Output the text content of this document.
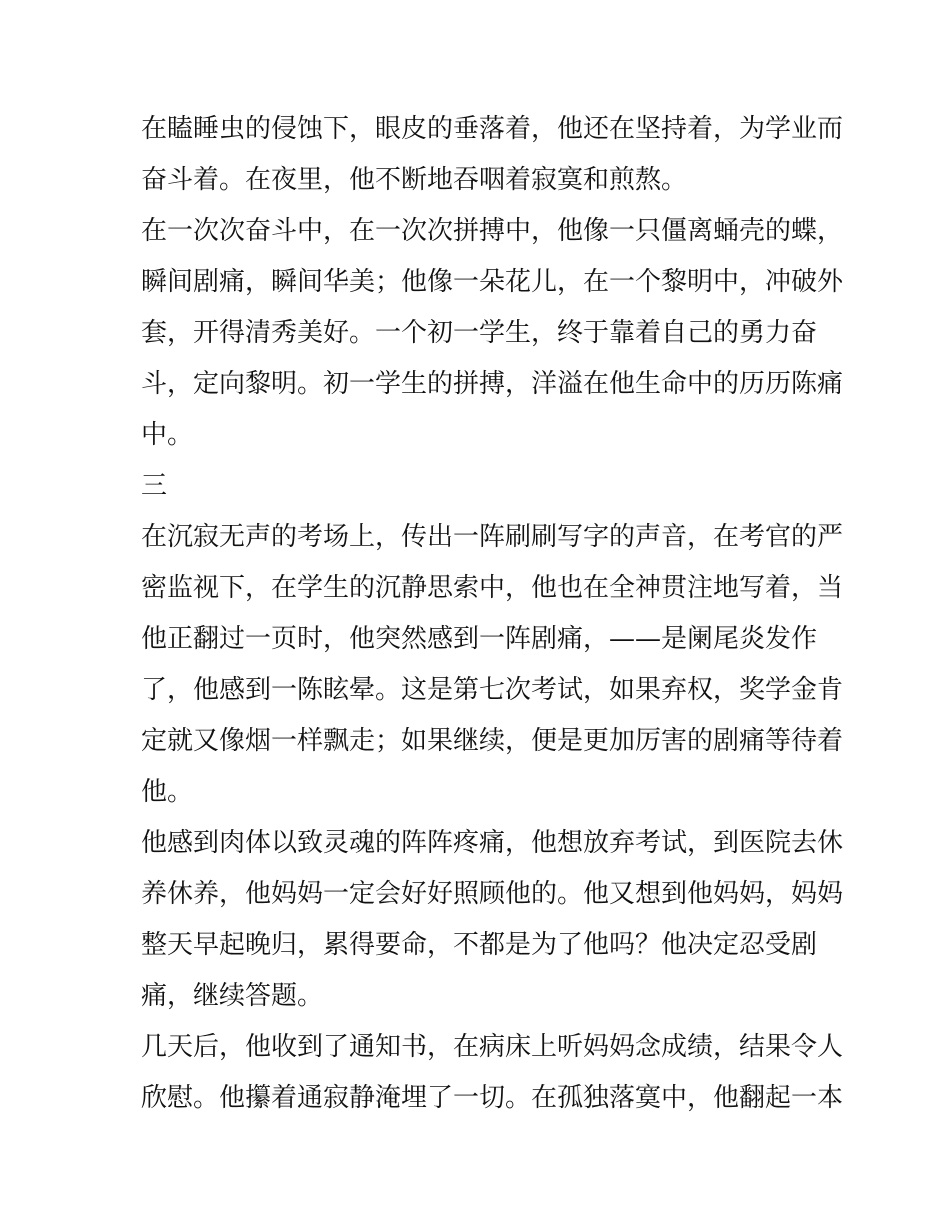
在瞌睡虫的侵蚀下，眼皮的垂落着，他还在坚持着，为学业而
奋斗着。在夜里，他不断地吞咽着寂寞和煎熬。
在一次次奋斗中，在一次次拼搏中，他像一只僵离蛹壳的蝶，
瞬间剧痛，瞬间华美；他像一朵花儿，在一个黎明中，冲破外
套，开得清秀美好。一个初一学生，终于靠着自己的勇力奋
斗，定向黎明。初一学生的拼搏，洋溢在他生命中的历历陈痛
中。
三
在沉寂无声的考场上，传出一阵刷刷写字的声音，在考官的严
密监视下，在学生的沉静思索中，他也在全神贯注地写着，当
他正翻过一页时，他突然感到一阵剧痛，——是阑尾炎发作
了，他感到一陈眩晕。这是第七次考试，如果弃权，奖学金肯
定就又像烟一样飘走；如果继续，便是更加厉害的剧痛等待着
他。
他感到肉体以致灵魂的阵阵疼痛，他想放弃考试，到医院去休
养休养，他妈妈一定会好好照顾他的。他又想到他妈妈，妈妈
整天早起晚归，累得要命，不都是为了他吗？他决定忍受剧
痛，继续答题。
几天后，他收到了通知书，在病床上听妈妈念成绩，结果令人
欣慰。他攥着通寂静淹埋了一切。在孤独落寞中，他翻起一本
